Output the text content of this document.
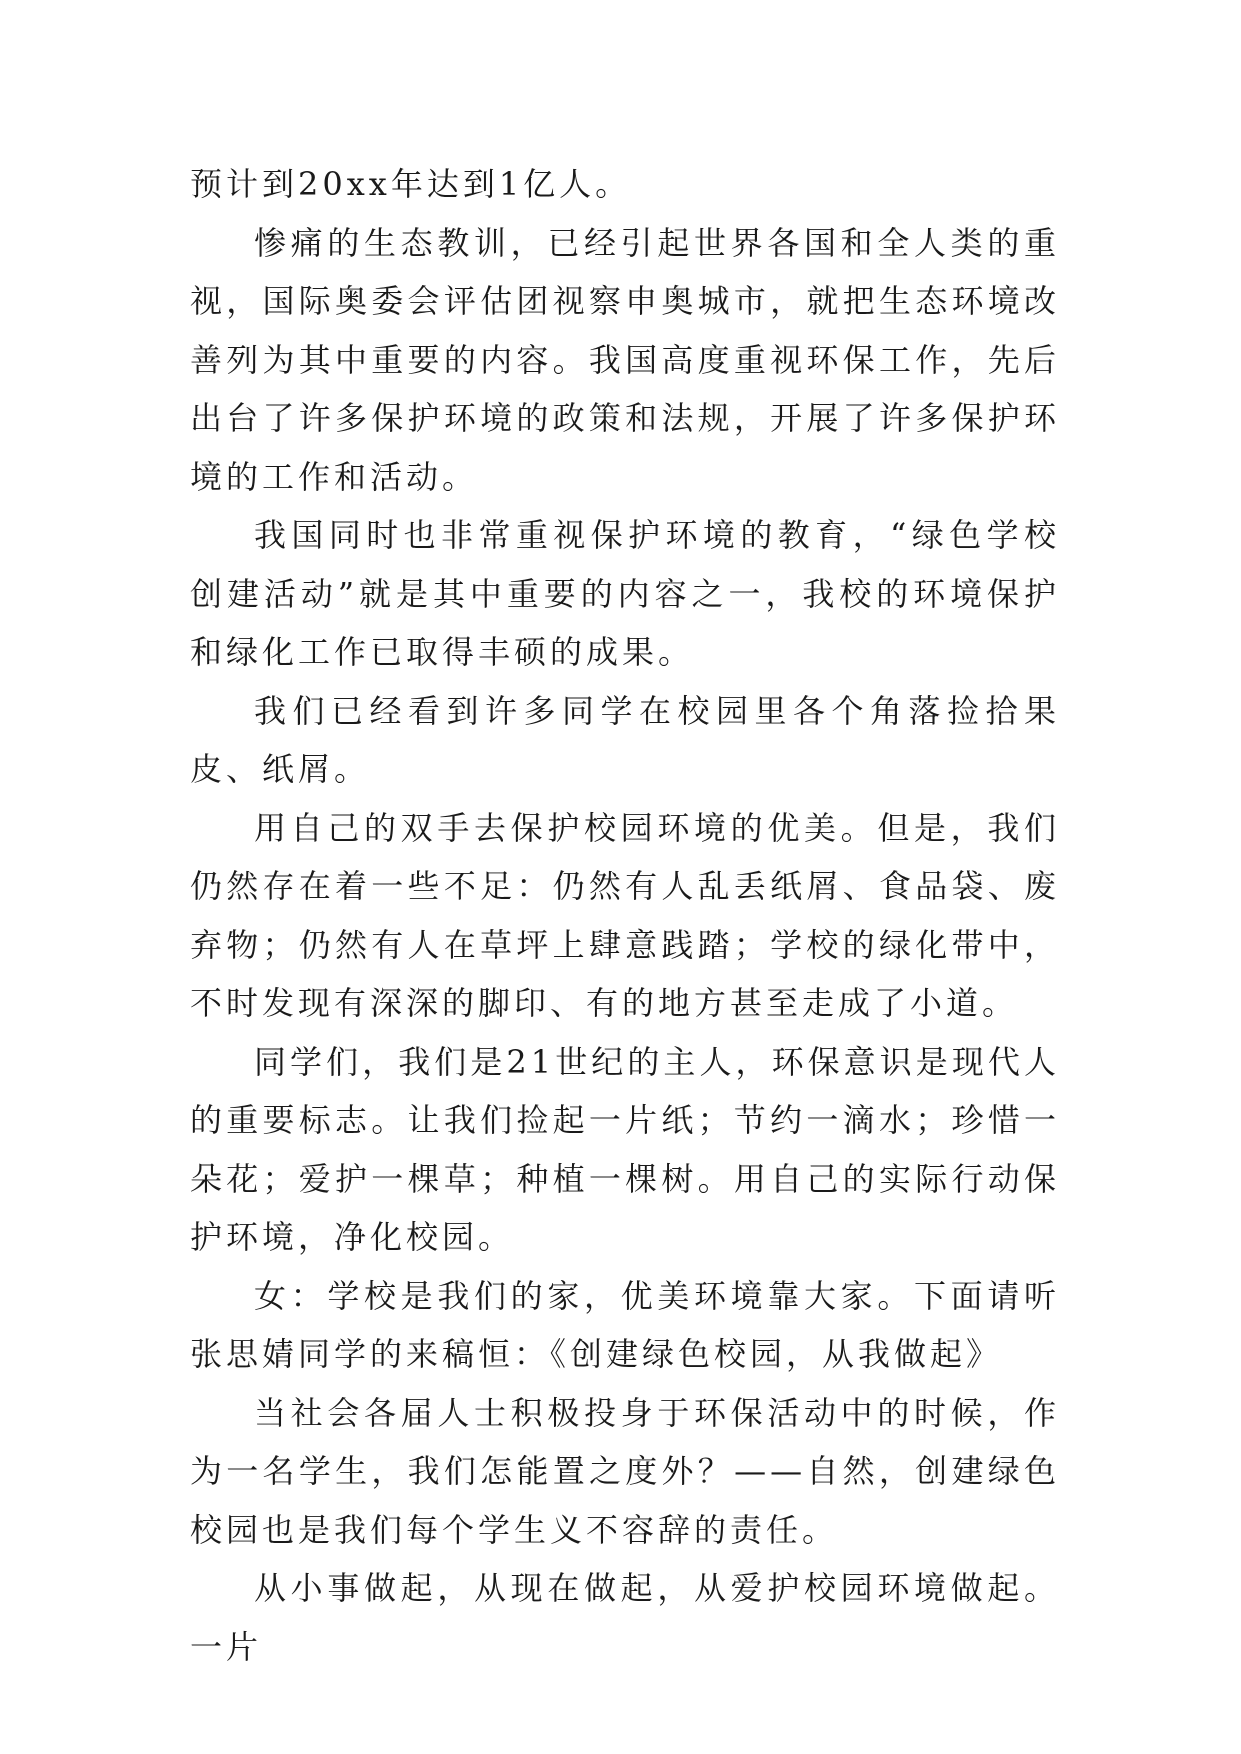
预计到20xx年达到1亿人。

惨痛的生态教训，已经引起世界各国和全人类的重视，国际奥委会评估团视察申奥城市，就把生态环境改善列为其中重要的内容。我国高度重视环保工作，先后出台了许多保护环境的政策和法规，开展了许多保护环境的工作和活动。

我国同时也非常重视保护环境的教育，“绿色学校创建活动”就是其中重要的内容之一，我校的环境保护和绿化工作已取得丰硕的成果。

我们已经看到许多同学在校园里各个角落捡拾果皮、纸屑。

用自己的双手去保护校园环境的优美。但是，我们仍然存在着一些不足：仍然有人乱丢纸屑、食品袋、废弃物；仍然有人在草坪上肆意践踏；学校的绿化带中，不时发现有深深的脚印、有的地方甚至走成了小道。

同学们，我们是21世纪的主人，环保意识是现代人的重要标志。让我们捡起一片纸；节约一滴水；珍惜一朵花；爱护一棵草；种植一棵树。用自己的实际行动保护环境，净化校园。

女：学校是我们的家，优美环境靠大家。下面请听张思婧同学的来稿恒：《创建绿色校园，从我做起》

当社会各届人士积极投身于环保活动中的时候，作为一名学生，我们怎能置之度外？——自然，创建绿色校园也是我们每个学生义不容辞的责任。

从小事做起，从现在做起，从爱护校园环境做起。一片
